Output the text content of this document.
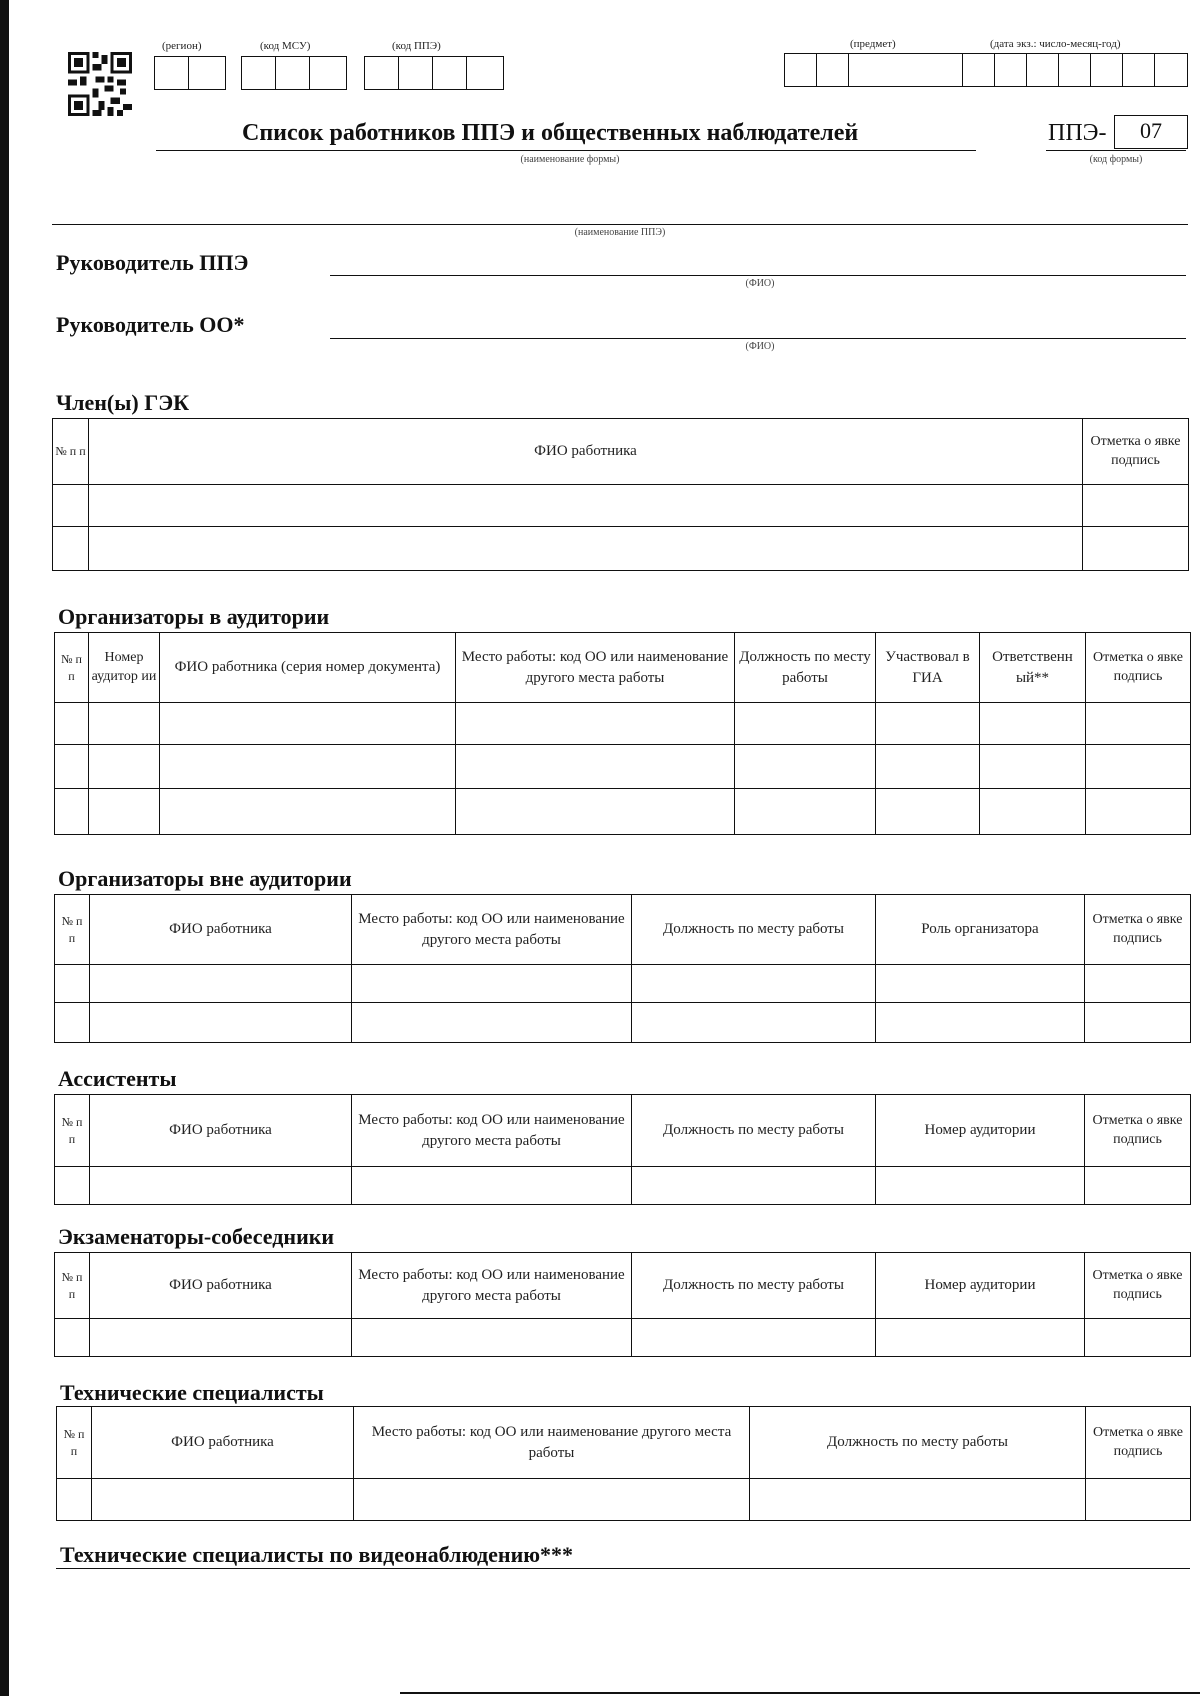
(регион)	(код МСУ)	(код ППЭ)	(предмет)	(дата экз.: число-месяц-год)
Список работников ППЭ и общественных наблюдателей
(наименование формы)
ППЭ-	07
(код формы)
(наименование ППЭ)
Руководитель ППЭ
(ФИО)
Руководитель ОО*
(ФИО)
Член(ы) ГЭК
№ п п	ФИО работника	Отметка о явке подпись

Организаторы в аудитории
№ п п	Номер аудитор ии	ФИО работника (серия номер документа)	Место работы: код ОО или наименование другого места работы	Должность по месту работы	Участвовал в ГИА	Ответственн ый**	Отметка о явке подпись

Организаторы вне аудитории
№ п п	ФИО работника	Место работы: код ОО или наименование другого места работы	Должность по месту работы	Роль организатора	Отметка о явке подпись

Ассистенты
№ п п	ФИО работника	Место работы: код ОО или наименование другого места работы	Должность по месту работы	Номер аудитории	Отметка о явке подпись

Экзаменаторы-собеседники
№ п п	ФИО работника	Место работы: код ОО или наименование другого места работы	Должность по месту работы	Номер аудитории	Отметка о явке подпись

Технические специалисты
№ п п	ФИО работника	Место работы: код ОО или наименование другого места работы	Должность по месту работы	Отметка о явке подпись

Технические специалисты по видеонаблюдению***
